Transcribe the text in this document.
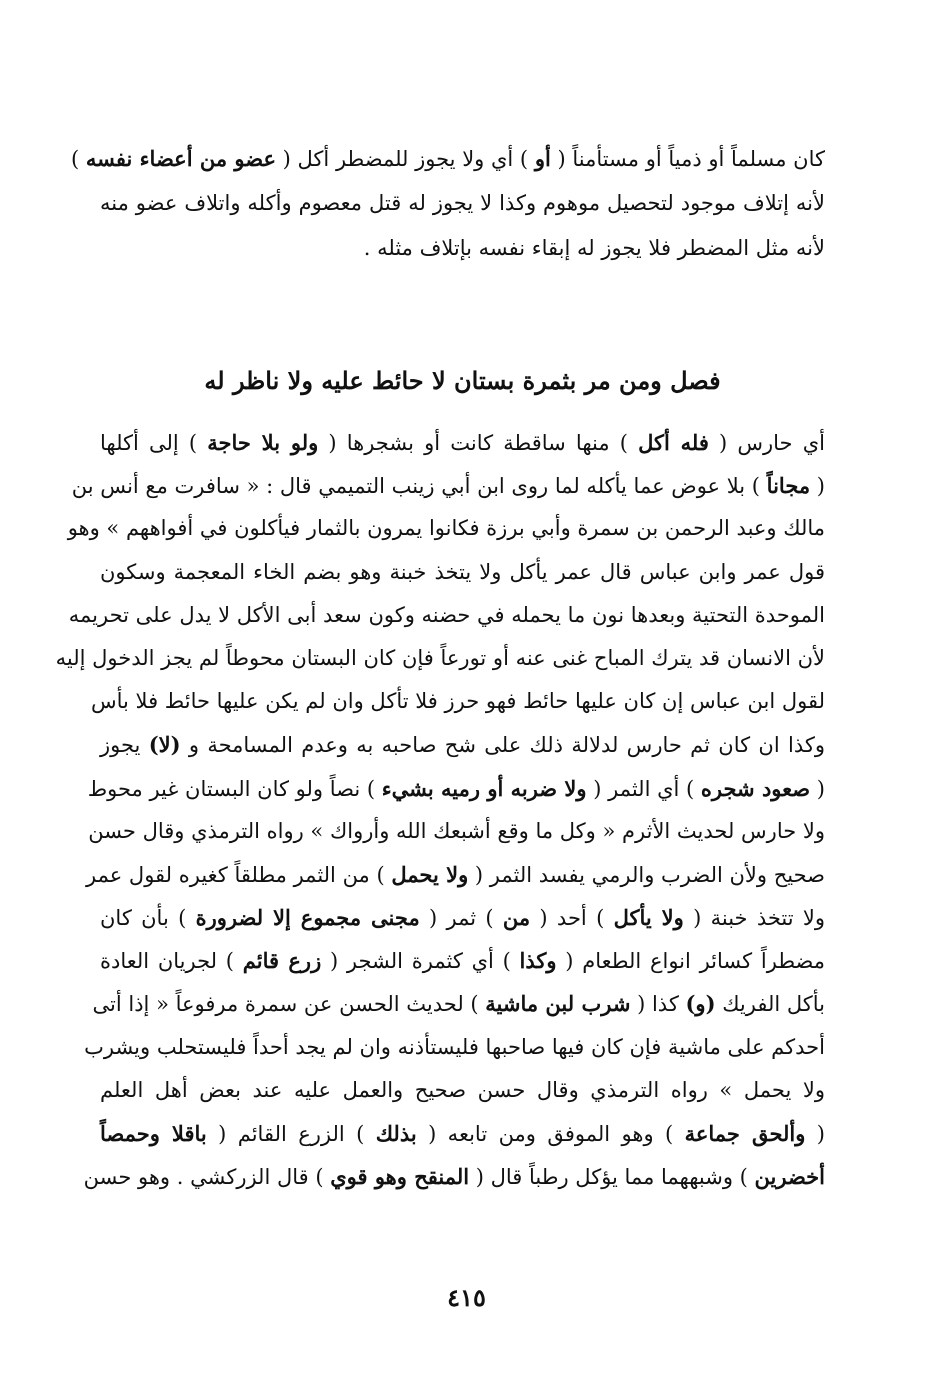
كان مسلماً أو ذمياً أو مستأمناً ( أو ) أي ولا يجوز للمضطر أكل ( عضو من أعضاء نفسه )
لأنه إتلاف موجود لتحصيل موهوم وكذا لا يجوز له قتل معصوم وأكله واتلاف عضو منه
لأنه مثل المضطر فلا يجوز له إبقاء نفسه بإتلاف مثله .
فصل ومن مر بثمرة بستان لا حائط عليه ولا ناظر له
أي حارس ( فله أكل ) منها ساقطة كانت أو بشجرها ( ولو بلا حاجة ) إلى أكلها
( مجاناً ) بلا عوض عما يأكله لما روى ابن أبي زينب التميمي قال : « سافرت مع أنس بن
مالك وعبد الرحمن بن سمرة وأبي برزة فكانوا يمرون بالثمار فيأكلون في أفواههم » وهو
قول عمر وابن عباس قال عمر يأكل ولا يتخذ خبنة وهو بضم الخاء المعجمة وسكون
الموحدة التحتية وبعدها نون ما يحمله في حضنه وكون سعد أبى الأكل لا يدل على تحريمه
لأن الانسان قد يترك المباح غنى عنه أو تورعاً فإن كان البستان محوطاً لم يجز الدخول إليه
لقول ابن عباس إن كان عليها حائط فهو حرز فلا تأكل وان لم يكن عليها حائط فلا بأس
وكذا ان كان ثم حارس لدلالة ذلك على شح صاحبه به وعدم المسامحة و (لا) يجوز
( صعود شجره ) أي الثمر ( ولا ضربه أو رميه بشيء ) نصاً ولو كان البستان غير محوط
ولا حارس لحديث الأثرم « وكل ما وقع أشبعك الله وأرواك » رواه الترمذي وقال حسن
صحيح ولأن الضرب والرمي يفسد الثمر ( ولا يحمل ) من الثمر مطلقاً كغيره لقول عمر
ولا تتخذ خبنة ( ولا يأكل ) أحد ( من ) ثمر ( مجنى مجموع إلا لضرورة ) بأن كان
مضطراً كسائر انواع الطعام ( وكذا ) أي كثمرة الشجر ( زرع قائم ) لجريان العادة
بأكل الفريك (و) كذا ( شرب لبن ماشية ) لحديث الحسن عن سمرة مرفوعاً « إذا أتى
أحدكم على ماشية فإن كان فيها صاحبها فليستأذنه وان لم يجد أحداً فليستحلب ويشرب
ولا يحمل » رواه الترمذي وقال حسن صحيح والعمل عليه عند بعض أهل العلم
( وألحق جماعة ) وهو الموفق ومن تابعه ( بذلك ) الزرع القائم ( باقلا وحمصاً
أخضرين ) وشبههما مما يؤكل رطباً قال ( المنقح وهو قوي ) قال الزركشي . وهو حسن
٤١٥
